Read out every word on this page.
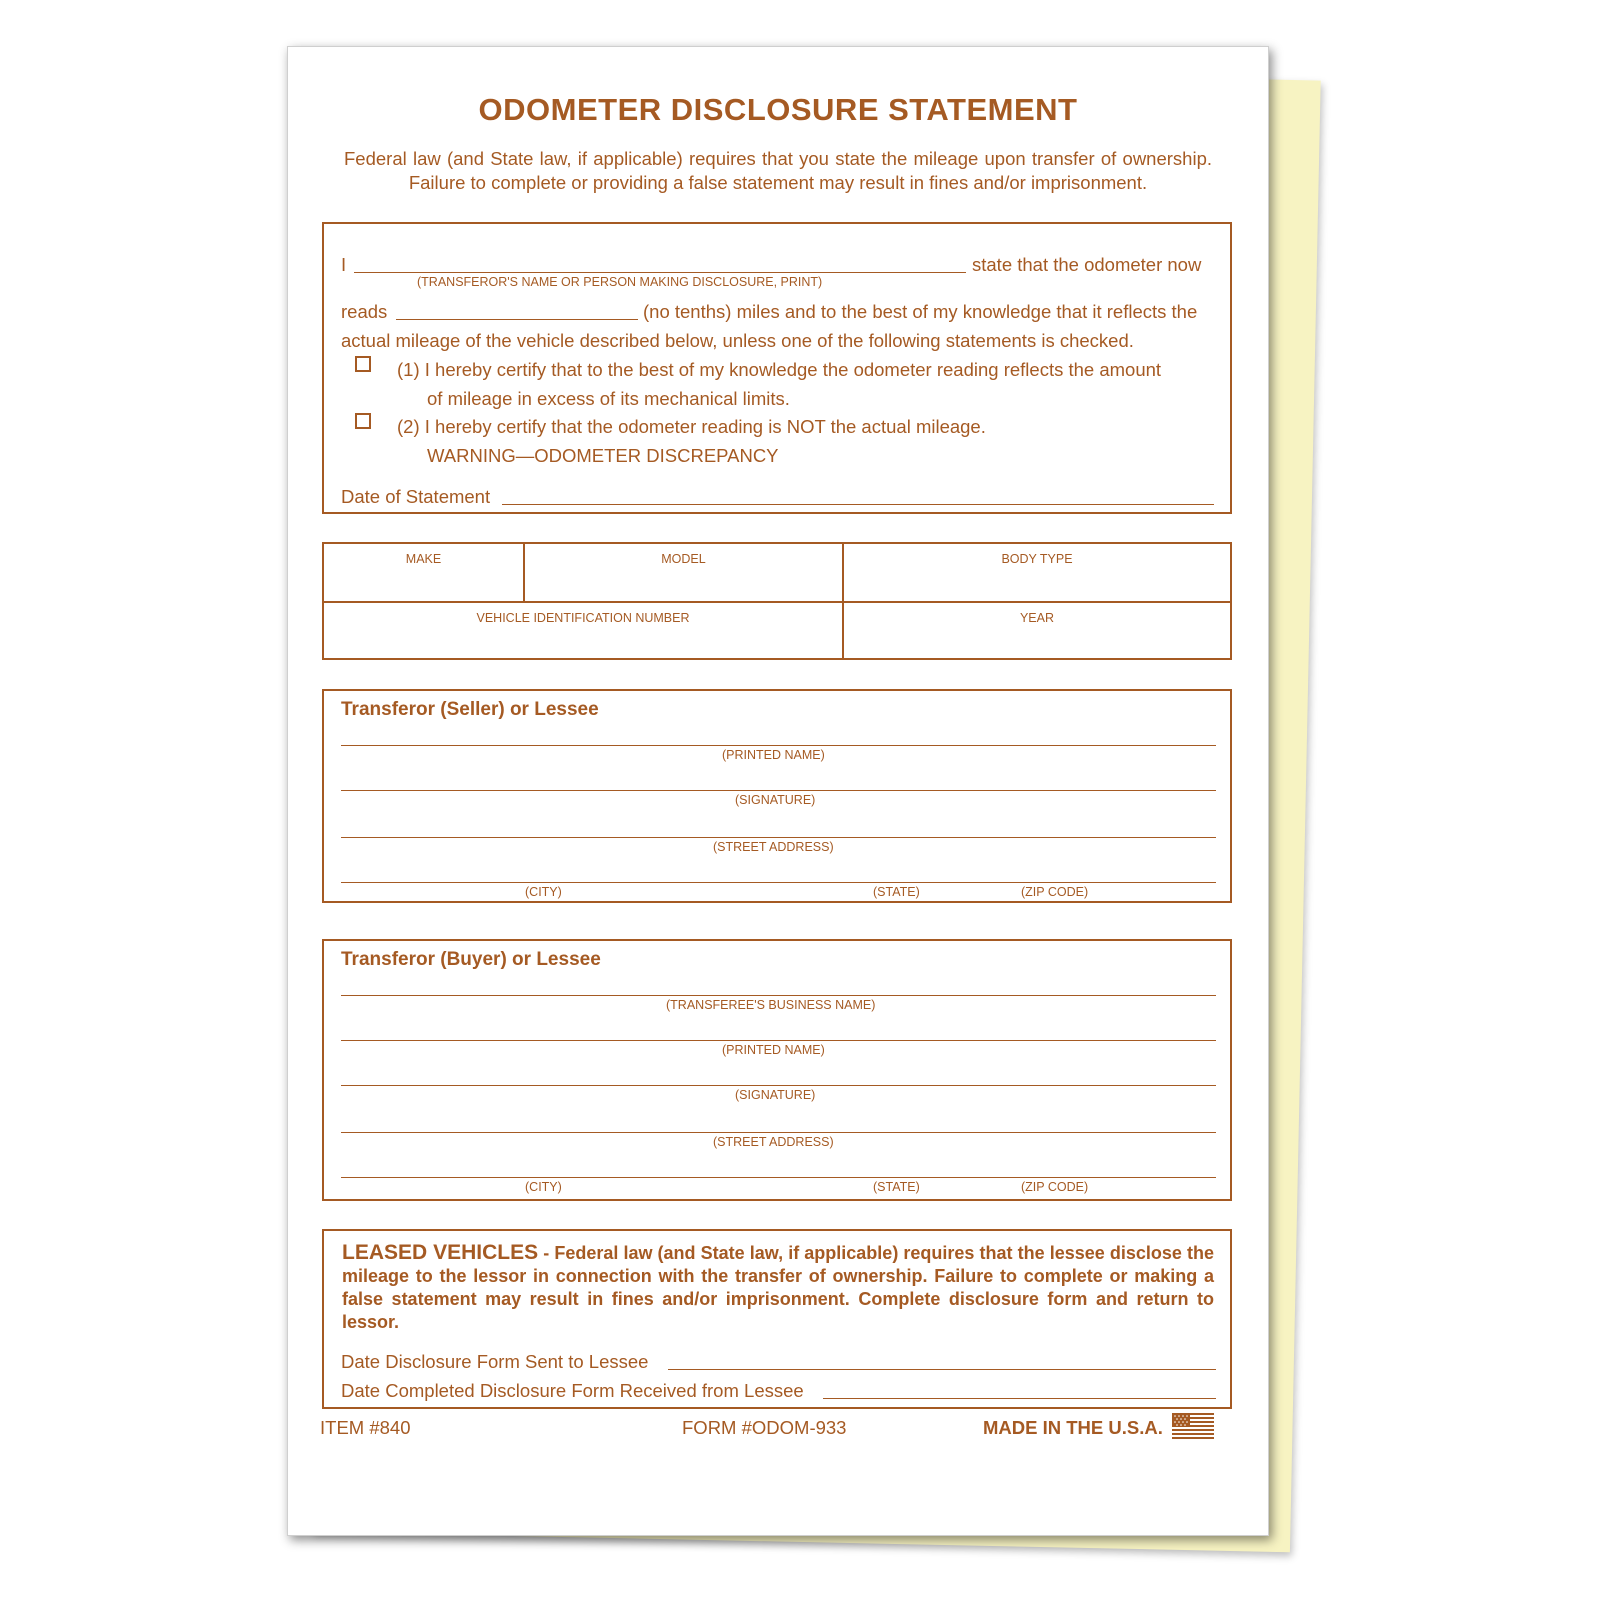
ODOMETER DISCLOSURE STATEMENT
Federal law (and State law, if applicable) requires that you state the mileage upon transfer of ownership. Failure to complete or providing a false statement may result in fines and/or imprisonment.
I	state that the odometer now
(TRANSFEROR'S NAME OR PERSON MAKING DISCLOSURE, PRINT)
reads	(no tenths) miles and to the best of my knowledge that it reflects the
actual mileage of the vehicle described below, unless one of the following statements is checked.
(1) I hereby certify that to the best of my knowledge the odometer reading reflects the amount
of mileage in excess of its mechanical limits.
(2) I hereby certify that the odometer reading is NOT the actual mileage.
WARNING—ODOMETER DISCREPANCY
Date of Statement
MAKE	MODEL	BODY TYPE
VEHICLE IDENTIFICATION NUMBER		YEAR
Transferor (Seller) or Lessee
(PRINTED NAME)
(SIGNATURE)
(STREET ADDRESS)
(CITY)	(STATE)	(ZIP CODE)
Transferor (Buyer) or Lessee
(TRANSFEREE'S BUSINESS NAME)
(PRINTED NAME)
(SIGNATURE)
(STREET ADDRESS)
(CITY)	(STATE)	(ZIP CODE)
LEASED VEHICLES - Federal law (and State law, if applicable) requires that the lessee disclose the mileage to the lessor in connection with the transfer of ownership. Failure to complete or making a false statement may result in fines and/or imprisonment. Complete disclosure form and return to lessor.
Date Disclosure Form Sent to Lessee
Date Completed Disclosure Form Received from Lessee
ITEM #840	FORM #ODOM-933	MADE IN THE U.S.A.
